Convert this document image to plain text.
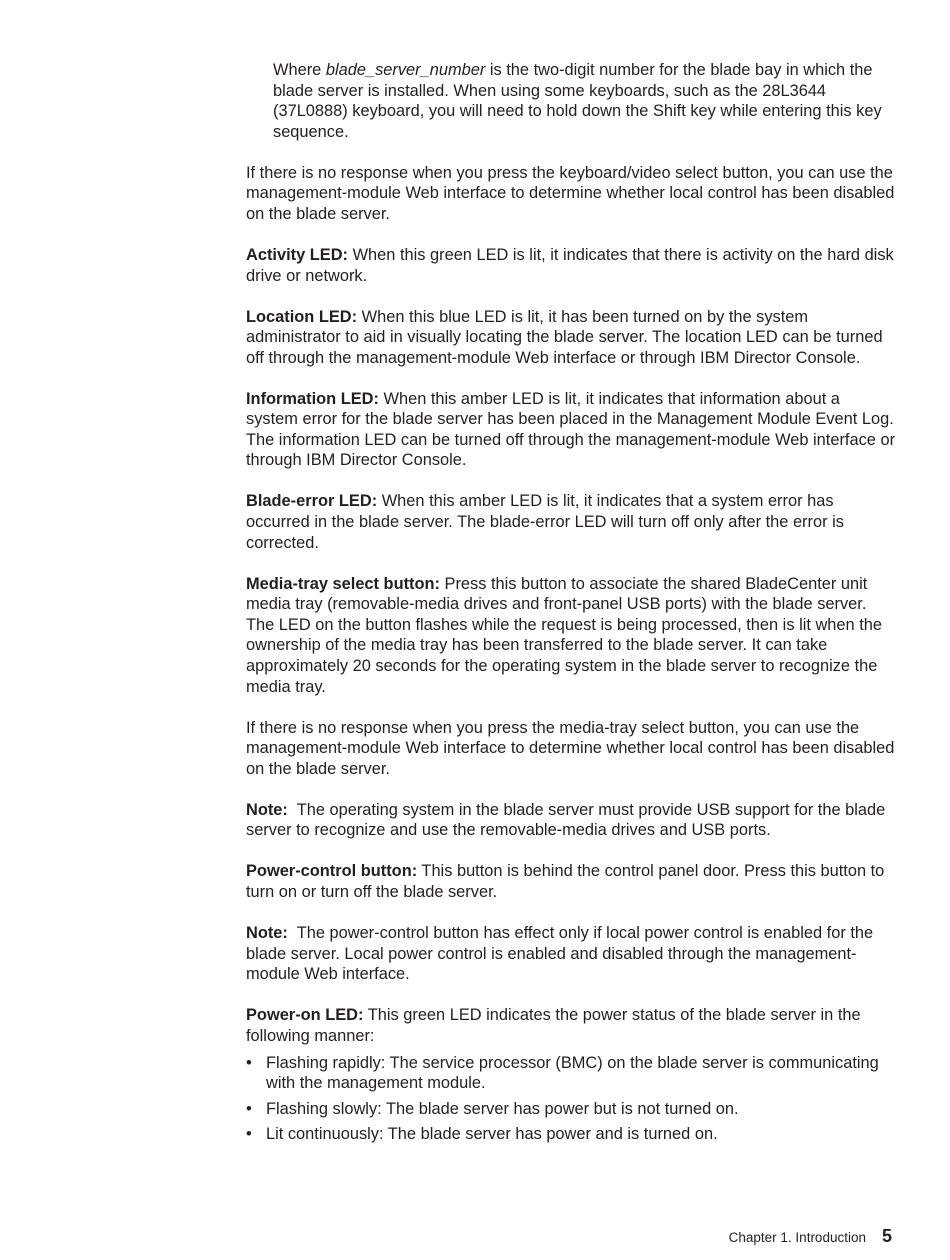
Where blade_server_number is the two-digit number for the blade bay in which the blade server is installed. When using some keyboards, such as the 28L3644 (37L0888) keyboard, you will need to hold down the Shift key while entering this key sequence.

If there is no response when you press the keyboard/video select button, you can use the management-module Web interface to determine whether local control has been disabled on the blade server.

Activity LED: When this green LED is lit, it indicates that there is activity on the hard disk drive or network.

Location LED: When this blue LED is lit, it has been turned on by the system administrator to aid in visually locating the blade server. The location LED can be turned off through the management-module Web interface or through IBM Director Console.

Information LED: When this amber LED is lit, it indicates that information about a system error for the blade server has been placed in the Management Module Event Log. The information LED can be turned off through the management-module Web interface or through IBM Director Console.

Blade-error LED: When this amber LED is lit, it indicates that a system error has occurred in the blade server. The blade-error LED will turn off only after the error is corrected.

Media-tray select button: Press this button to associate the shared BladeCenter unit media tray (removable-media drives and front-panel USB ports) with the blade server. The LED on the button flashes while the request is being processed, then is lit when the ownership of the media tray has been transferred to the blade server. It can take approximately 20 seconds for the operating system in the blade server to recognize the media tray.

If there is no response when you press the media-tray select button, you can use the management-module Web interface to determine whether local control has been disabled on the blade server.

Note:  The operating system in the blade server must provide USB support for the blade server to recognize and use the removable-media drives and USB ports.

Power-control button: This button is behind the control panel door. Press this button to turn on or turn off the blade server.

Note:  The power-control button has effect only if local power control is enabled for the blade server. Local power control is enabled and disabled through the management-module Web interface.

Power-on LED: This green LED indicates the power status of the blade server in the following manner:

• Flashing rapidly: The service processor (BMC) on the blade server is communicating with the management module.
• Flashing slowly: The blade server has power but is not turned on.
• Lit continuously: The blade server has power and is turned on.
Chapter 1. Introduction 5
